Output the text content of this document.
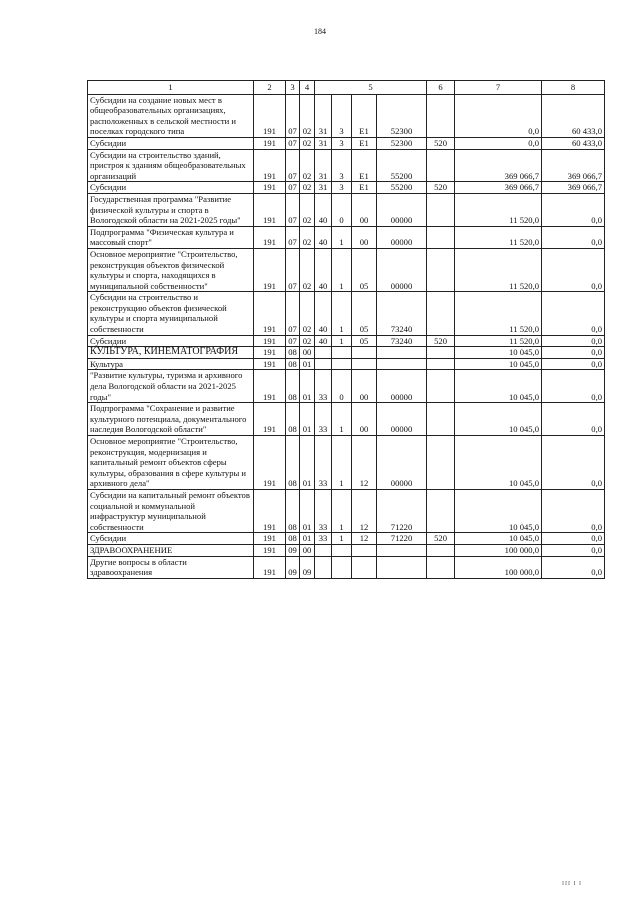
184
1	2	3	4	5				6	7	8
Субсидии на создание новых мест в общеобразовательных организациях, расположенных в сельской местности и поселках городского типа	191	07	02	31	3	E1	52300		0,0	60 433,0
Субсидии	191	07	02	31	3	E1	52300	520	0,0	60 433,0
Субсидии на строительство зданий, пристроя к зданиям общеобразовательных организаций	191	07	02	31	3	E1	55200		369 066,7	369 066,7
Субсидии	191	07	02	31	3	E1	55200	520	369 066,7	369 066,7
Государственная программа "Развитие физической культуры и спорта в Вологодской области на 2021-2025 годы"	191	07	02	40	0	00	00000		11 520,0	0,0
Подпрограмма "Физическая культура и массовый спорт"	191	07	02	40	1	00	00000		11 520,0	0,0
Основное мероприятие "Строительство, реконструкция объектов физической культуры и спорта, находящихся в муниципальной собственности"	191	07	02	40	1	05	00000		11 520,0	0,0
Субсидии на строительство и реконструкцию объектов физической культуры и спорта муниципальной собственности	191	07	02	40	1	05	73240		11 520,0	0,0
Субсидии	191	07	02	40	1	05	73240	520	11 520,0	0,0
КУЛЬТУРА, КИНЕМАТОГРАФИЯ	191	08	00						10 045,0	0,0
Культура	191	08	01						10 045,0	0,0
"Развитие культуры, туризма и архивного дела Вологодской области на 2021-2025 годы"	191	08	01	33	0	00	00000		10 045,0	0,0
Подпрограмма "Сохранение и развитие культурного потенциала, документального наследия Вологодской области"	191	08	01	33	1	00	00000		10 045,0	0,0
Основное мероприятие "Строительство, реконструкция, модернизация и капитальный ремонт объектов сферы культуры, образования в сфере культуры и архивного дела"	191	08	01	33	1	12	00000		10 045,0	0,0
Субсидии на капитальный ремонт объектов социальной и коммунальной инфраструктур муниципальной собственности	191	08	01	33	1	12	71220		10 045,0	0,0
Субсидии	191	08	01	33	1	12	71220	520	10 045,0	0,0
ЗДРАВООХРАНЕНИЕ	191	09	00						100 000,0	0,0
Другие вопросы в области здравоохранения	191	09	09						100 000,0	0,0
ІІІ І І
